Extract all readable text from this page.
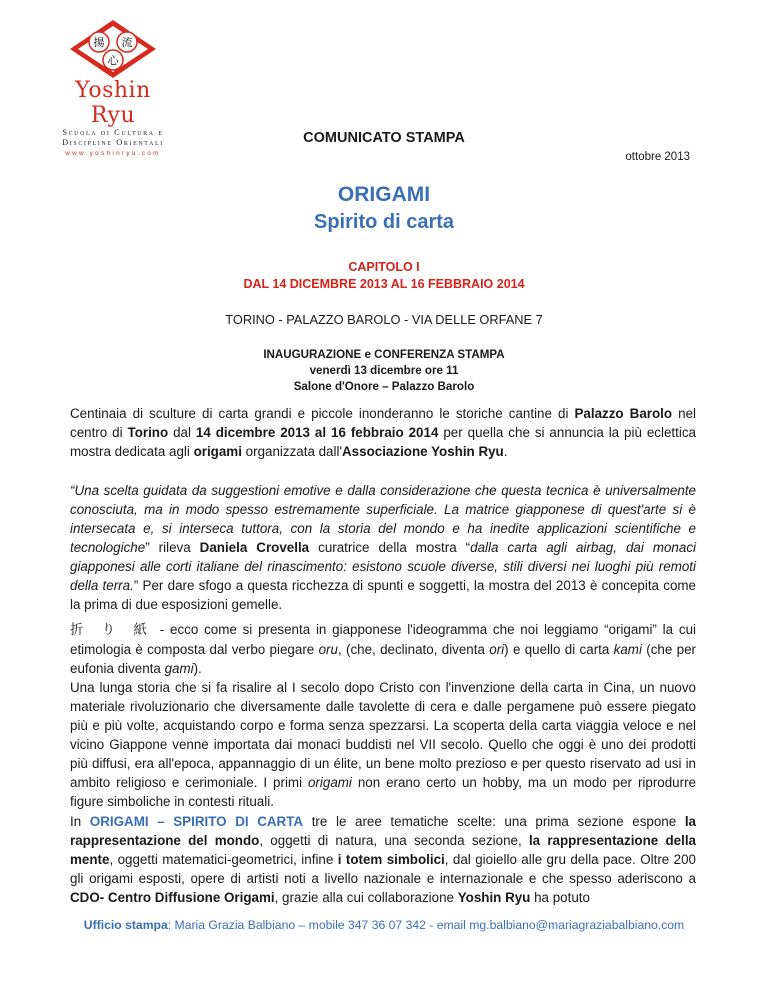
揚 流
心
Yoshin Ryu
Scuola di Cultura e
Discipline Orientali
www.yoshinryu.com
COMUNICATO STAMPA
ottobre 2013
ORIGAMI
Spirito di carta
CAPITOLO I
DAL 14 DICEMBRE 2013 AL 16 FEBBRAIO 2014
TORINO - PALAZZO BAROLO - VIA DELLE ORFANE 7
INAUGURAZIONE e CONFERENZA STAMPA
venerdì 13 dicembre ore 11
Salone d'Onore – Palazzo Barolo
Centinaia di sculture di carta grandi e piccole inonderanno le storiche cantine di Palazzo Barolo nel centro di Torino dal 14 dicembre 2013 al 16 febbraio 2014 per quella che si annuncia la più eclettica mostra dedicata agli origami organizzata dall'Associazione Yoshin Ryu.
“Una scelta guidata da suggestioni emotive e dalla considerazione che questa tecnica è universalmente conosciuta, ma in modo spesso estremamente superficiale. La matrice giapponese di quest'arte si è intersecata e, si interseca tuttora, con la storia del mondo e ha inedite applicazioni scientifiche e tecnologiche” rileva Daniela Crovella curatrice della mostra “dalla carta agli airbag, dai monaci giapponesi alle corti italiane del rinascimento: esistono scuole diverse, stili diversi nei luoghi più remoti della terra.” Per dare sfogo a questa ricchezza di spunti e soggetti, la mostra del 2013 è concepita come la prima di due esposizioni gemelle.
折 り 紙 - ecco come si presenta in giapponese l'ideogramma che noi leggiamo “origami” la cui etimologia è composta dal verbo piegare oru, (che, declinato, diventa ori) e quello di carta kami (che per eufonia diventa gami).
Una lunga storia che si fa risalire al I secolo dopo Cristo con l'invenzione della carta in Cina, un nuovo materiale rivoluzionario che diversamente dalle tavolette di cera e dalle pergamene può essere piegato più e più volte, acquistando corpo e forma senza spezzarsi. La scoperta della carta viaggia veloce e nel vicino Giappone venne importata dai monaci buddisti nel VII secolo. Quello che oggi è uno dei prodotti più diffusi, era all'epoca, appannaggio di un élite, un bene molto prezioso e per questo riservato ad usi in ambito religioso e cerimoniale. I primi origami non erano certo un hobby, ma un modo per riprodurre figure simboliche in contesti rituali.
In ORIGAMI – SPIRITO DI CARTA tre le aree tematiche scelte: una prima sezione espone la rappresentazione del mondo, oggetti di natura, una seconda sezione, la rappresentazione della mente, oggetti matematici-geometrici, infine i totem simbolici, dal gioiello alle gru della pace. Oltre 200 gli origami esposti, opere di artisti noti a livello nazionale e internazionale e che spesso aderiscono a CDO- Centro Diffusione Origami, grazie alla cui collaborazione Yoshin Ryu ha potuto
Ufficio stampa: Maria Grazia Balbiano – mobile 347 36 07 342 - email mg.balbiano@mariagraziabalbiano.com
